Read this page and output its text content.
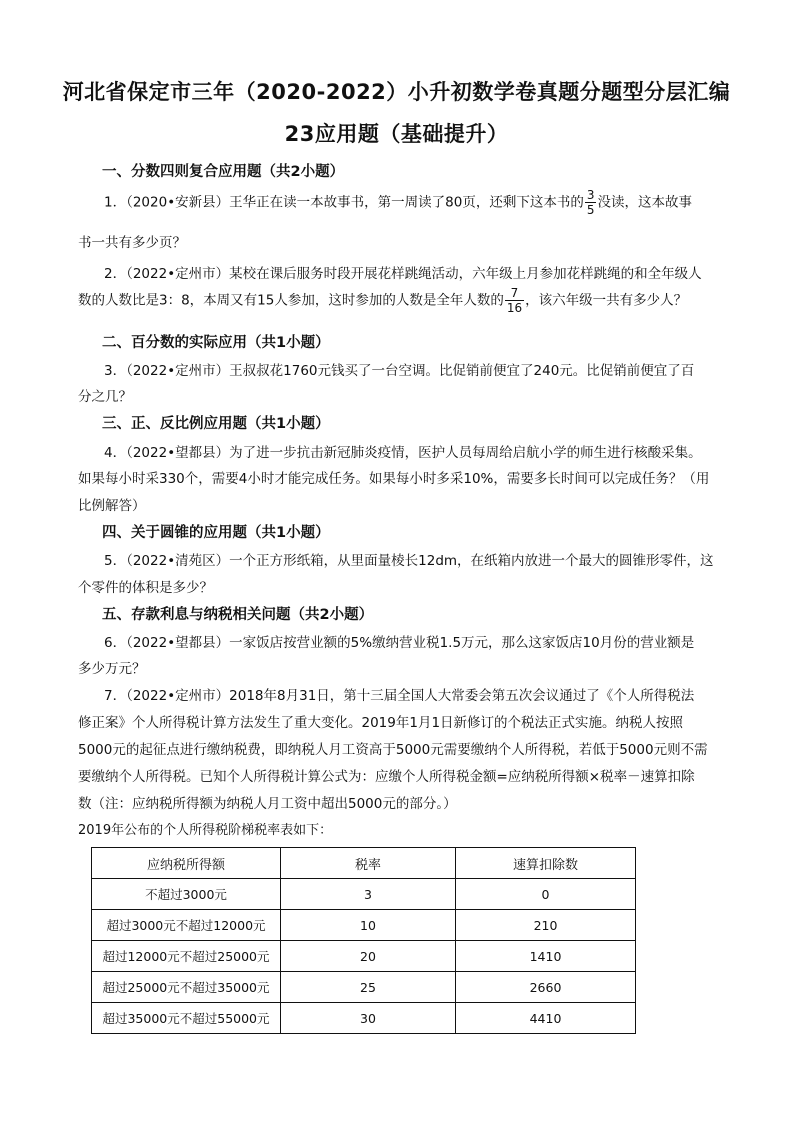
河北省保定市三年（2020-2022）小升初数学卷真题分题型分层汇编
23应用题（基础提升）
一、分数四则复合应用题（共2小题）
1．（2020•安新县）王华正在读一本故事书，第一周读了80页，还剩下这本书的 $\frac{3}{5}$ 没读，这本故事
书一共有多少页？
2．（2022•定州市）某校在课后服务时段开展花样跳绳活动，六年级上月参加花样跳绳的和全年级人
数的人数比是3：8，本周又有15人参加，这时参加的人数是全年人数的 $\frac{7}{16}$ ，该六年级一共有多少人？
二、百分数的实际应用（共1小题）
3．（2022•定州市）王叔叔花1760元钱买了一台空调。比促销前便宜了240元。比促销前便宜了百
分之几？
三、正、反比例应用题（共1小题）
4．（2022•望都县）为了进一步抗击新冠肺炎疫情，医护人员每周给启航小学的师生进行核酸采集。
如果每小时采330个，需要4小时才能完成任务。如果每小时多采10%，需要多长时间可以完成任务？（用
比例解答）
四、关于圆锥的应用题（共1小题）
5．（2022•清苑区）一个正方形纸箱，从里面量棱长12dm，在纸箱内放进一个最大的圆锥形零件，这
个零件的体积是多少？
五、存款利息与纳税相关问题（共2小题）
6．（2022•望都县）一家饭店按营业额的5%缴纳营业税1.5万元，那么这家饭店10月份的营业额是
多少万元？
7．（2022•定州市）2018年8月31日，第十三届全国人大常委会第五次会议通过了《个人所得税法
修正案》个人所得税计算方法发生了重大变化。2019年1月1日新修订的个税法正式实施。纳税人按照
5000元的起征点进行缴纳税费，即纳税人月工资高于5000元需要缴纳个人所得税，若低于5000元则不需
要缴纳个人所得税。已知个人所得税计算公式为：应缴个人所得税金额=应纳税所得额×税率－速算扣除
数（注：应纳税所得额为纳税人月工资中超出5000元的部分。）
2019年公布的个人所得税阶梯税率表如下：
应纳税所得额	税率	速算扣除数
不超过3000元	3	0
超过3000元不超过12000元	10	210
超过12000元不超过25000元	20	1410
超过25000元不超过35000元	25	2660
超过35000元不超过55000元	30	4410
